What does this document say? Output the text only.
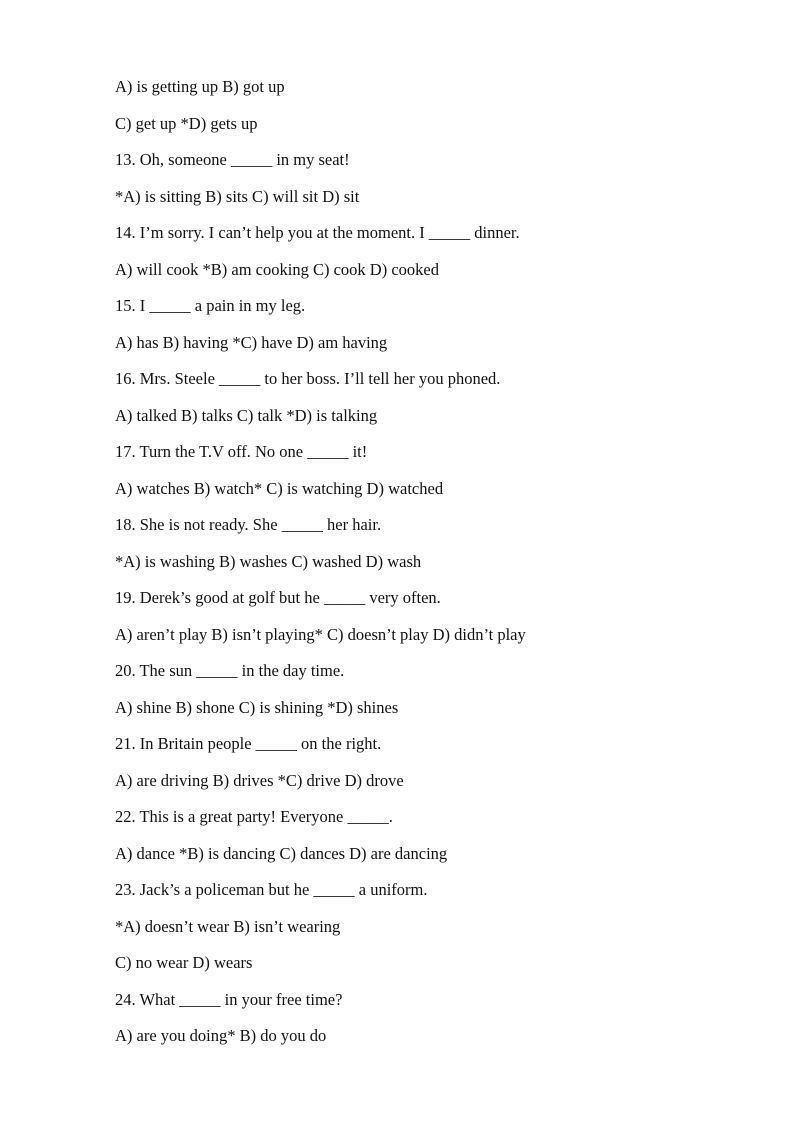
A) is getting up B) got up
C) get up *D) gets up
13. Oh, someone _____ in my seat!
*A) is sitting B) sits C) will sit D) sit
14. I’m sorry. I can’t help you at the moment. I _____ dinner.
A) will cook *B) am cooking C) cook D) cooked
15. I _____ a pain in my leg.
A) has B) having *C) have D) am having
16. Mrs. Steele _____ to her boss. I’ll tell her you phoned.
A) talked B) talks C) talk *D) is talking
17. Turn the T.V off. No one _____ it!
A) watches B) watch* C) is watching D) watched
18. She is not ready. She _____ her hair.
*A) is washing B) washes C) washed D) wash
19. Derek’s good at golf but he _____ very often.
A) aren’t play B) isn’t playing* C) doesn’t play D) didn’t play
20. The sun _____ in the day time.
A) shine B) shone C) is shining *D) shines
21. In Britain people _____ on the right.
A) are driving B) drives *C) drive D) drove
22. This is a great party! Everyone _____.
A) dance *B) is dancing C) dances D) are dancing
23. Jack’s a policeman but he _____ a uniform.
*A) doesn’t wear B) isn’t wearing
C) no wear D) wears
24. What _____ in your free time?
A) are you doing* B) do you do
